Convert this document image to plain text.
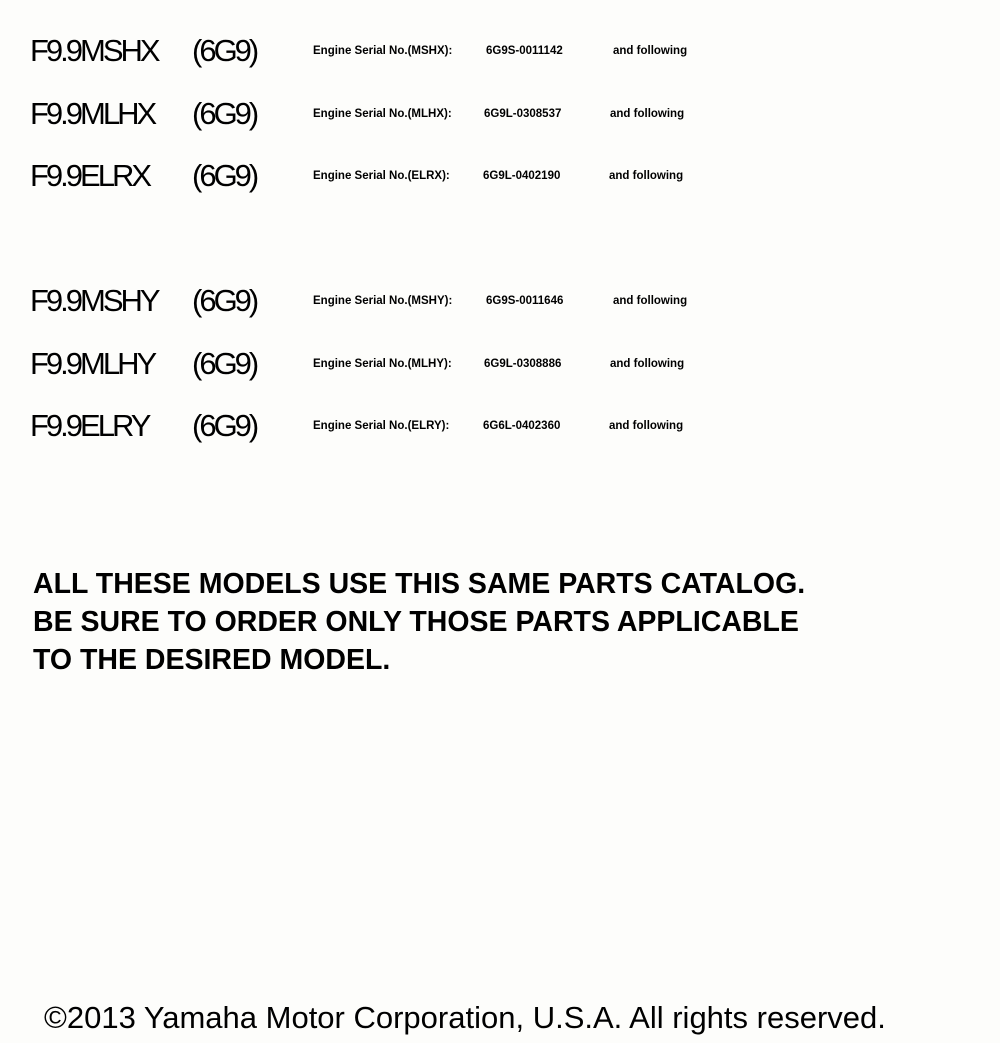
F9.9MSHX (6G9)	Engine Serial No.(MSHX):	6G9S-0011142	and following
F9.9MLHX (6G9)	Engine Serial No.(MLHX):	6G9L-0308537	and following
F9.9ELRX (6G9)	Engine Serial No.(ELRX):	6G9L-0402190	and following
F9.9MSHY (6G9)	Engine Serial No.(MSHY):	6G9S-0011646	and following
F9.9MLHY (6G9)	Engine Serial No.(MLHY):	6G9L-0308886	and following
F9.9ELRY (6G9)	Engine Serial No.(ELRY):	6G6L-0402360	and following
ALL THESE MODELS USE THIS SAME PARTS CATALOG.
BE SURE TO ORDER ONLY THOSE PARTS APPLICABLE
TO THE DESIRED MODEL.
©2013 Yamaha Motor Corporation, U.S.A. All rights reserved.
